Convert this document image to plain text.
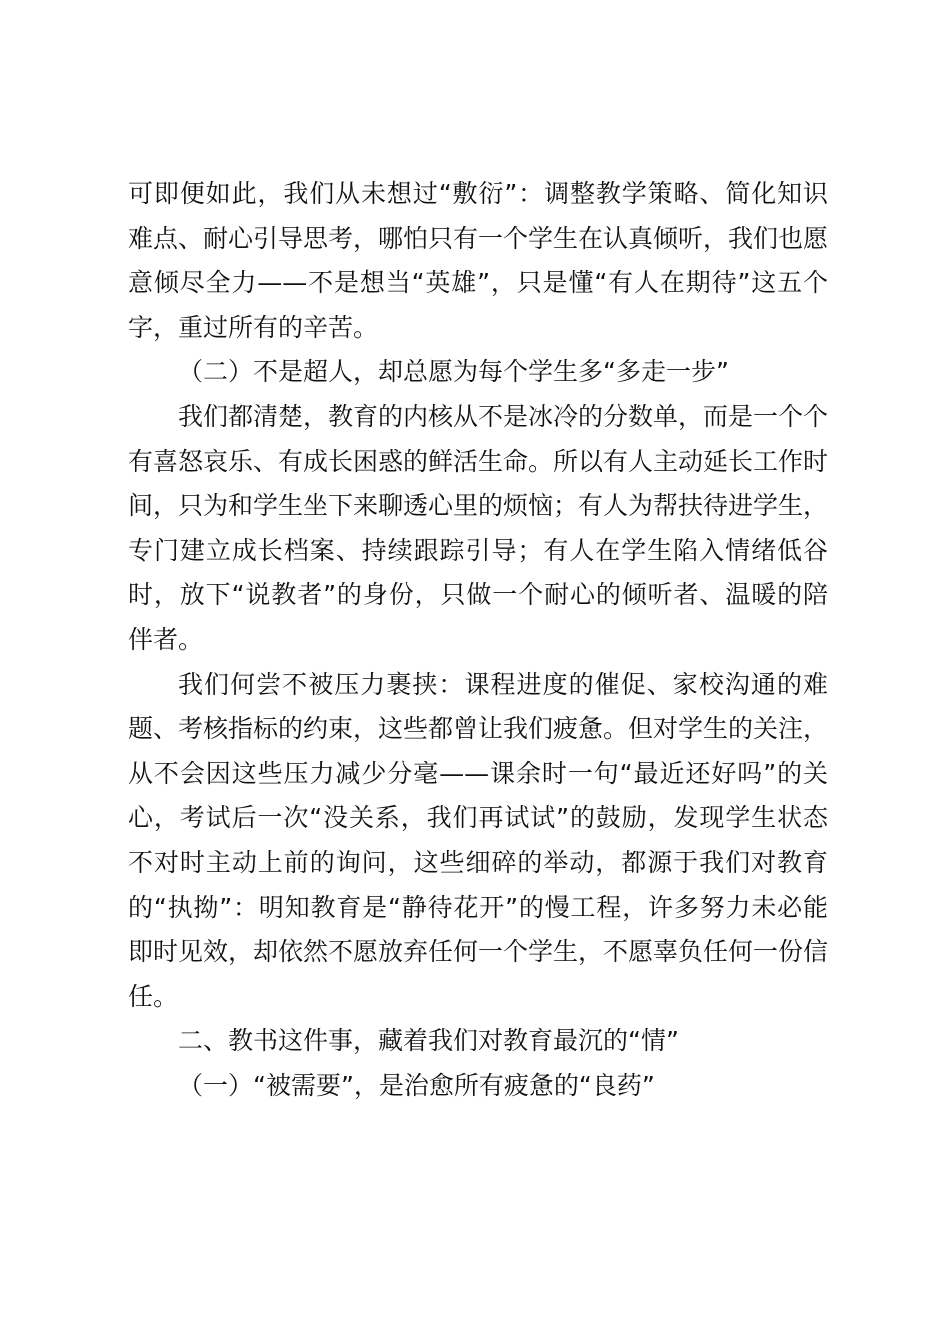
可即便如此，我们从未想过“敷衍”：调整教学策略、简化知识难点、耐心引导思考，哪怕只有一个学生在认真倾听，我们也愿意倾尽全力——不是想当“英雄”，只是懂“有人在期待”这五个字，重过所有的辛苦。

（二）不是超人，却总愿为每个学生多“多走一步”

我们都清楚，教育的内核从不是冰冷的分数单，而是一个个有喜怒哀乐、有成长困惑的鲜活生命。所以有人主动延长工作时间，只为和学生坐下来聊透心里的烦恼；有人为帮扶待进学生，专门建立成长档案、持续跟踪引导；有人在学生陷入情绪低谷时，放下“说教者”的身份，只做一个耐心的倾听者、温暖的陪伴者。

我们何尝不被压力裹挟：课程进度的催促、家校沟通的难题、考核指标的约束，这些都曾让我们疲惫。但对学生的关注，从不会因这些压力减少分毫——课余时一句“最近还好吗”的关心，考试后一次“没关系，我们再试试”的鼓励，发现学生状态不对时主动上前的询问，这些细碎的举动，都源于我们对教育的“执拗”：明知教育是“静待花开”的慢工程，许多努力未必能即时见效，却依然不愿放弃任何一个学生，不愿辜负任何一份信任。

二、教书这件事，藏着我们对教育最沉的“情”

（一）“被需要”，是治愈所有疲惫的“良药”
